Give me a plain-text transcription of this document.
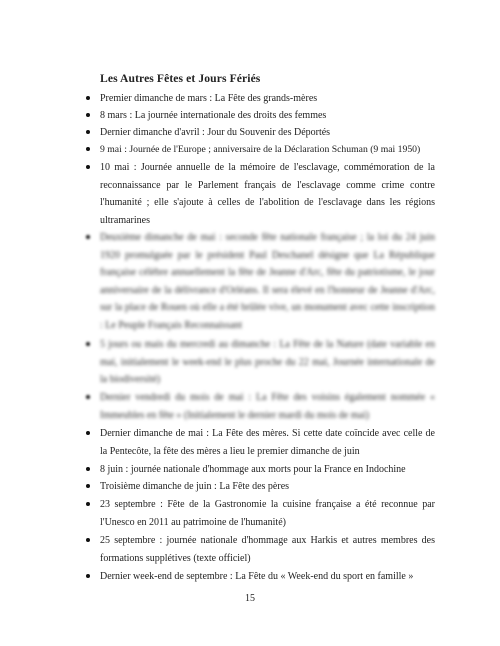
Les Autres Fêtes et Jours Fériés
Premier dimanche de mars : La Fête des grands-mères
8 mars : La journée internationale des droits des femmes
Dernier dimanche d'avril : Jour du Souvenir des Déportés
9 mai : Journée de l'Europe ; anniversaire de la Déclaration Schuman (9 mai 1950)
10 mai : Journée annuelle de la mémoire de l'esclavage, commémoration de la reconnaissance par le Parlement français de l'esclavage comme crime contre l'humanité ; elle s'ajoute à celles de l'abolition de l'esclavage dans les régions ultramarines
Deuxième dimanche de mai : seconde fête nationale française ; la loi du 24 juin 1920 promulguée par le président Paul Deschanel désigne que La République française célèbre annuellement la fête de Jeanne d'Arc, fête du patriotisme, le jour anniversaire de la délivrance d'Orléans. Il sera élevé en l'honneur de Jeanne d'Arc, sur la place de Rouen où elle a été brûlée vive, un monument avec cette inscription : Le Peuple Français Reconnaissant
5 jours ou mais du mercredi au dimanche : La Fête de la Nature (date variable en mai, initialement le week-end le plus proche du 22 mai, Journée internationale de la biodiversité)
Dernier vendredi du mois de mai : La Fête des voisins également nommée « Immeubles en fête » (Initialement le dernier mardi du mois de mai)
Dernier dimanche de mai : La Fête des mères. Si cette date coïncide avec celle de la Pentecôte, la fête des mères a lieu le premier dimanche de juin
8 juin : journée nationale d'hommage aux morts pour la France en Indochine
Troisième dimanche de juin : La Fête des pères
23 septembre : Fête de la Gastronomie la cuisine française a été reconnue par l'Unesco en 2011 au patrimoine de l'humanité)
25 septembre : journée nationale d'hommage aux Harkis et autres membres des formations supplétives (texte officiel)
Dernier week-end de septembre : La Fête du « Week-end du sport en famille »
15
